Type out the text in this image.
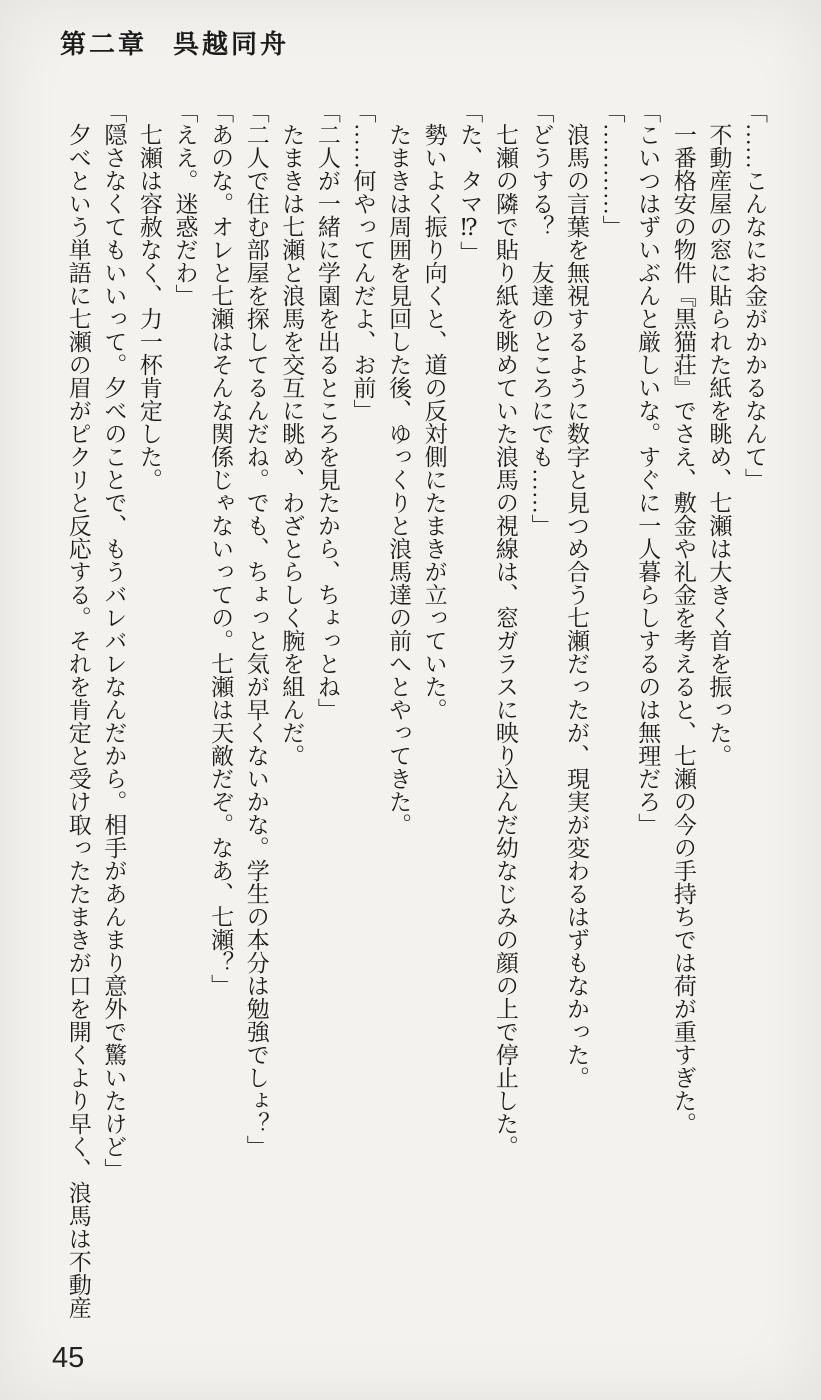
第二章 呉越同舟

「……こんなにお金がかかるなんて」

不動産屋の窓に貼られた紙を眺め、七瀬は大きく首を振った。

一番格安の物件『黒猫荘』でさえ、敷金や礼金を考えると、七瀬の今の手持ちでは荷が重すぎた。

「こいつはずいぶんと厳しいな。すぐに一人暮らしするのは無理だろ」

「…………」

浪馬の言葉を無視するように数字と見つめ合う七瀬だったが、現実が変わるはずもなかった。

「どうする？　友達のところにでも……」

七瀬の隣で貼り紙を眺めていた浪馬の視線は、窓ガラスに映り込んだ幼なじみの顔の上で停止した。

「た、タマ⁉」

勢いよく振り向くと、道の反対側にたまきが立っていた。

たまきは周囲を見回した後、ゆっくりと浪馬達の前へとやってきた。

「……何やってんだよ、お前」

「二人が一緒に学園を出るところを見たから、ちょっとね」

たまきは七瀬と浪馬を交互に眺め、わざとらしく腕を組んだ。

「二人で住む部屋を探してるんだね。でも、ちょっと気が早くないかな。学生の本分は勉強でしょ？」

「あのな。オレと七瀬はそんな関係じゃないっての。七瀬は天敵だぞ。なあ、七瀬？」

「ええ。迷惑だわ」

七瀬は容赦なく、力一杯肯定した。

「隠さなくてもいいって。夕べのことで、もうバレバレなんだから。相手があんまり意外で驚いたけど」

夕べという単語に七瀬の眉がピクリと反応する。それを肯定と受け取ったたまきが口を開くより早く、浪馬は不動産

45
